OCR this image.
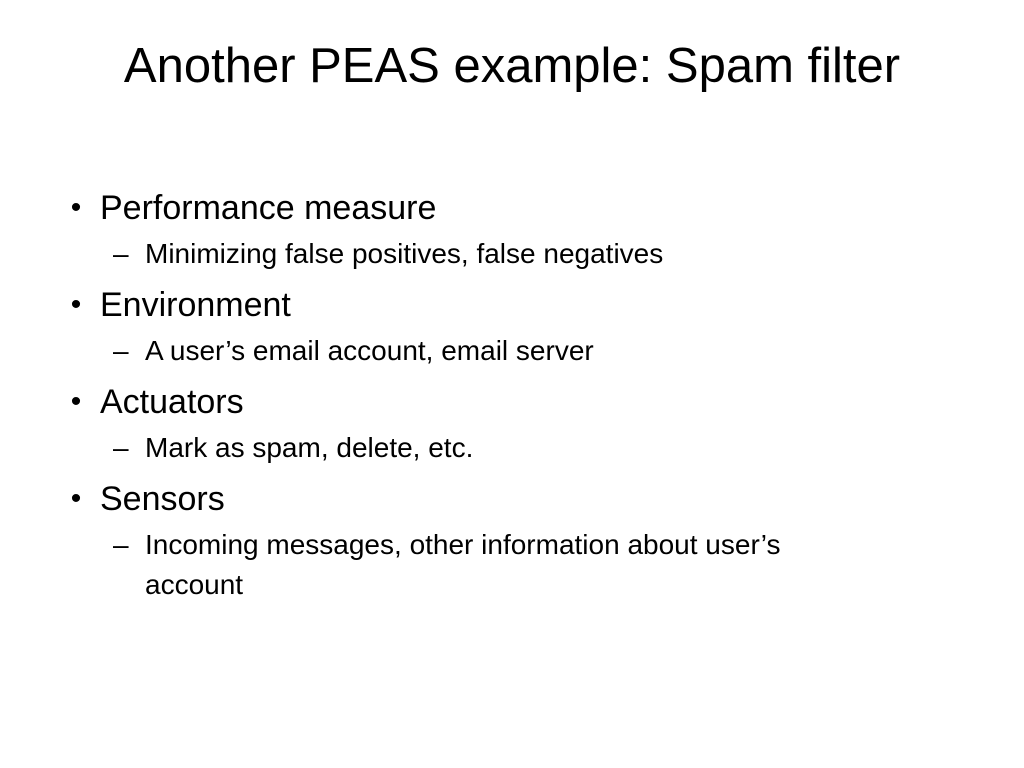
Another PEAS example: Spam filter
• Performance measure
– Minimizing false positives, false negatives
• Environment
– A user’s email account, email server
• Actuators
– Mark as spam, delete, etc.
• Sensors
– Incoming messages, other information about user’s account
